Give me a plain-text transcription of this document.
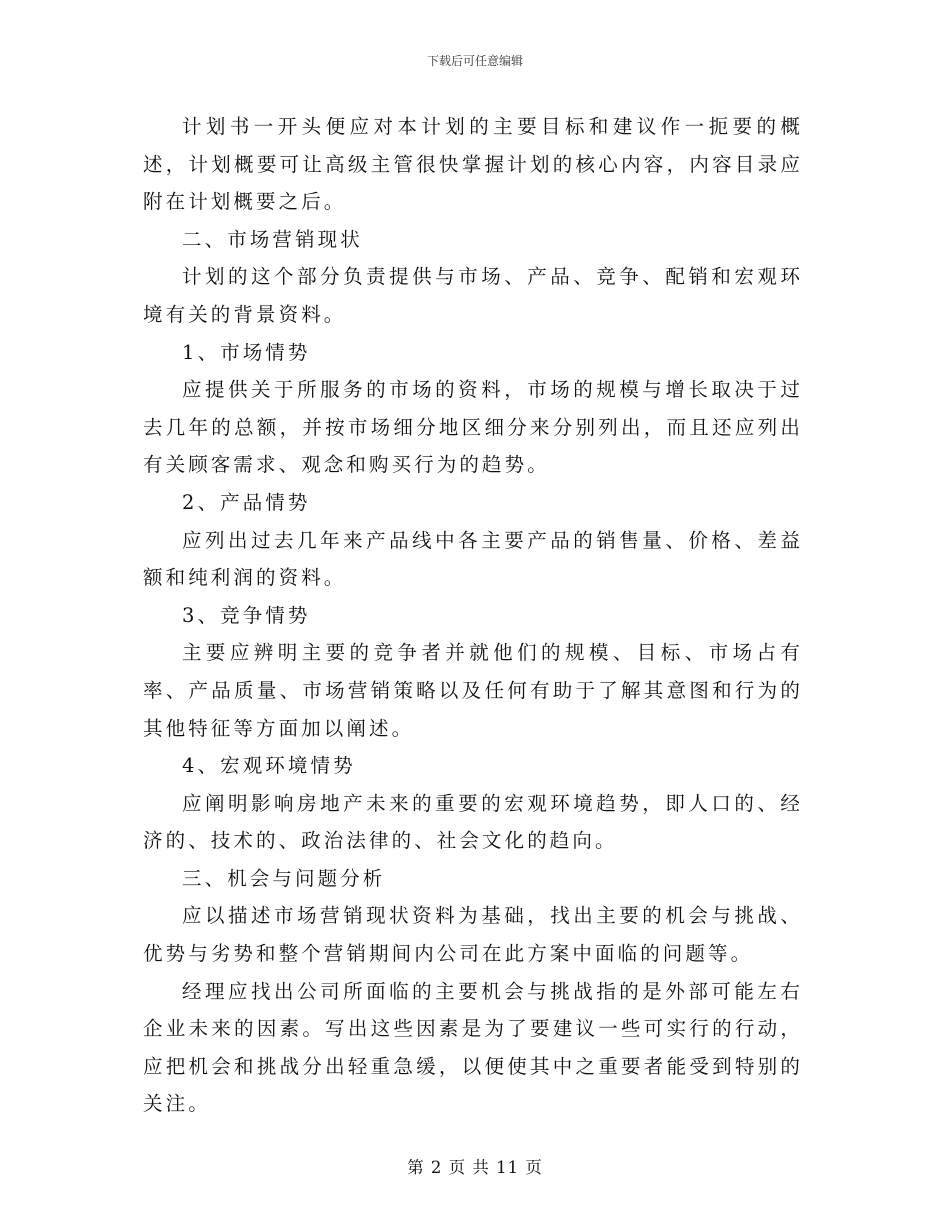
下载后可任意编辑

计划书一开头便应对本计划的主要目标和建议作一扼要的概述，计划概要可让高级主管很快掌握计划的核心内容，内容目录应附在计划概要之后。

二、市场营销现状

计划的这个部分负责提供与市场、产品、竞争、配销和宏观环境有关的背景资料。

1、市场情势

应提供关于所服务的市场的资料，市场的规模与增长取决于过去几年的总额，并按市场细分地区细分来分别列出，而且还应列出有关顾客需求、观念和购买行为的趋势。

2、产品情势

应列出过去几年来产品线中各主要产品的销售量、价格、差益额和纯利润的资料。

3、竞争情势

主要应辨明主要的竞争者并就他们的规模、目标、市场占有率、产品质量、市场营销策略以及任何有助于了解其意图和行为的其他特征等方面加以阐述。

4、宏观环境情势

应阐明影响房地产未来的重要的宏观环境趋势，即人口的、经济的、技术的、政治法律的、社会文化的趋向。

三、机会与问题分析

应以描述市场营销现状资料为基础，找出主要的机会与挑战、优势与劣势和整个营销期间内公司在此方案中面临的问题等。

经理应找出公司所面临的主要机会与挑战指的是外部可能左右企业未来的因素。写出这些因素是为了要建议一些可实行的行动，应把机会和挑战分出轻重急缓，以便使其中之重要者能受到特别的关注。

第 2 页 共 11 页
